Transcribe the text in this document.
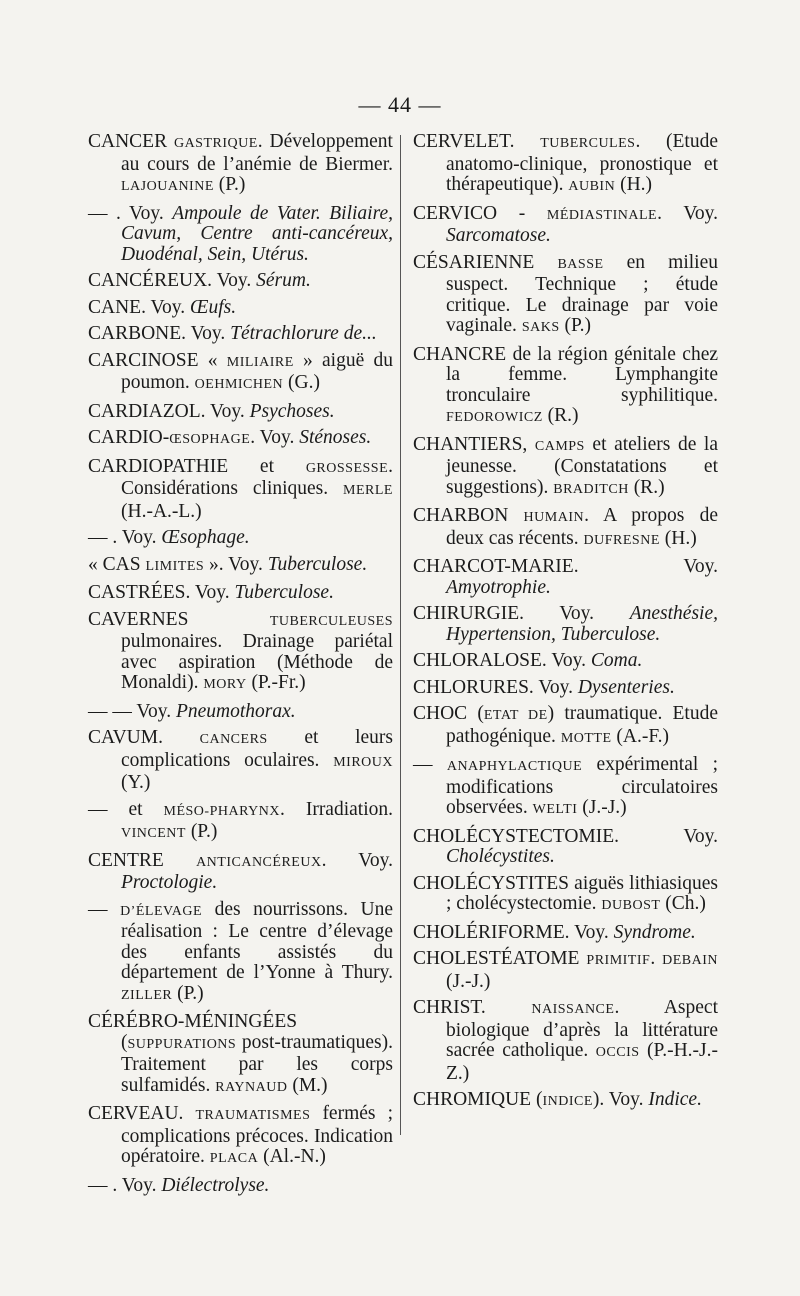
— 44 —
CANCER GASTRIQUE. Développement au cours de l’anémie de Biermer. LAJOUANINE (P.)
— . Voy. Ampoule de Vater. Biliaire, Cavum, Centre anti-cancéreux, Duodénal, Sein, Utérus.
CANCÉREUX. Voy. Sérum.
CANE. Voy. Œufs.
CARBONE. Voy. Tétrachlorure de...
CARCINOSE « MILIAIRE » aiguë du poumon. OEHMICHEN (G.)
CARDIAZOL. Voy. Psychoses.
CARDIO-ŒSOPHAGE. Voy. Sténoses.
CARDIOPATHIE et GROSSESSE. Considérations cliniques. MERLE (H.-A.-L.)
— . Voy. Œsophage.
« CAS LIMITES ». Voy. Tuberculose.
CASTRÉES. Voy. Tuberculose.
CAVERNES TUBERCULEUSES pulmonaires. Drainage pariétal avec aspiration (Méthode de Monaldi). MORY (P.-Fr.)
— — Voy. Pneumothorax.
CAVUM. CANCERS et leurs complications oculaires. MIROUX (Y.)
— et MÉSO-PHARYNX. Irradiation. VINCENT (P.)
CENTRE ANTICANCÉREUX. Voy. Proctologie.
— D’ÉLEVAGE des nourrissons. Une réalisation : Le centre d’élevage des enfants assistés du département de l’Yonne à Thury. ZILLER (P.)
CÉRÉBRO-MÉNINGÉES (SUPPURATIONS post-traumatiques). Traitement par les corps sulfamidés. RAYNAUD (M.)
CERVEAU. TRAUMATISMES fermés ; complications précoces. Indication opératoire. PLACA (Al.-N.)
— . Voy. Diélectrolyse.
CERVELET. TUBERCULES. (Etude anatomo-clinique, pronostique et thérapeutique). AUBIN (H.)
CERVICO - MÉDIASTINALE. Voy. Sarcomatose.
CÉSARIENNE BASSE en milieu suspect. Technique ; étude critique. Le drainage par voie vaginale. SAKS (P.)
CHANCRE de la région génitale chez la femme. Lymphangite tronculaire syphilitique. FEDOROWICZ (R.)
CHANTIERS, CAMPS et ateliers de la jeunesse. (Constatations et suggestions). BRADITCH (R.)
CHARBON HUMAIN. A propos de deux cas récents. DUFRESNE (H.)
CHARCOT-MARIE. Voy. Amyotrophie.
CHIRURGIE. Voy. Anesthésie, Hypertension, Tuberculose.
CHLORALOSE. Voy. Coma.
CHLORURES. Voy. Dysenteries.
CHOC (ETAT DE) traumatique. Etude pathogénique. MOTTE (A.-F.)
— ANAPHYLACTIQUE expérimental ; modifications circulatoires observées. WELTI (J.-J.)
CHOLÉCYSTECTOMIE. Voy. Cholécystites.
CHOLÉCYSTITES aiguës lithiasiques ; cholécystectomie. DUBOST (Ch.)
CHOLÉRIFORME. Voy. Syndrome.
CHOLESTÉATOME PRIMITIF. DEBAIN (J.-J.)
CHRIST. NAISSANCE. Aspect biologique d’après la littérature sacrée catholique. OCCIS (P.-H.-J.-Z.)
CHROMIQUE (INDICE). Voy. Indice.
